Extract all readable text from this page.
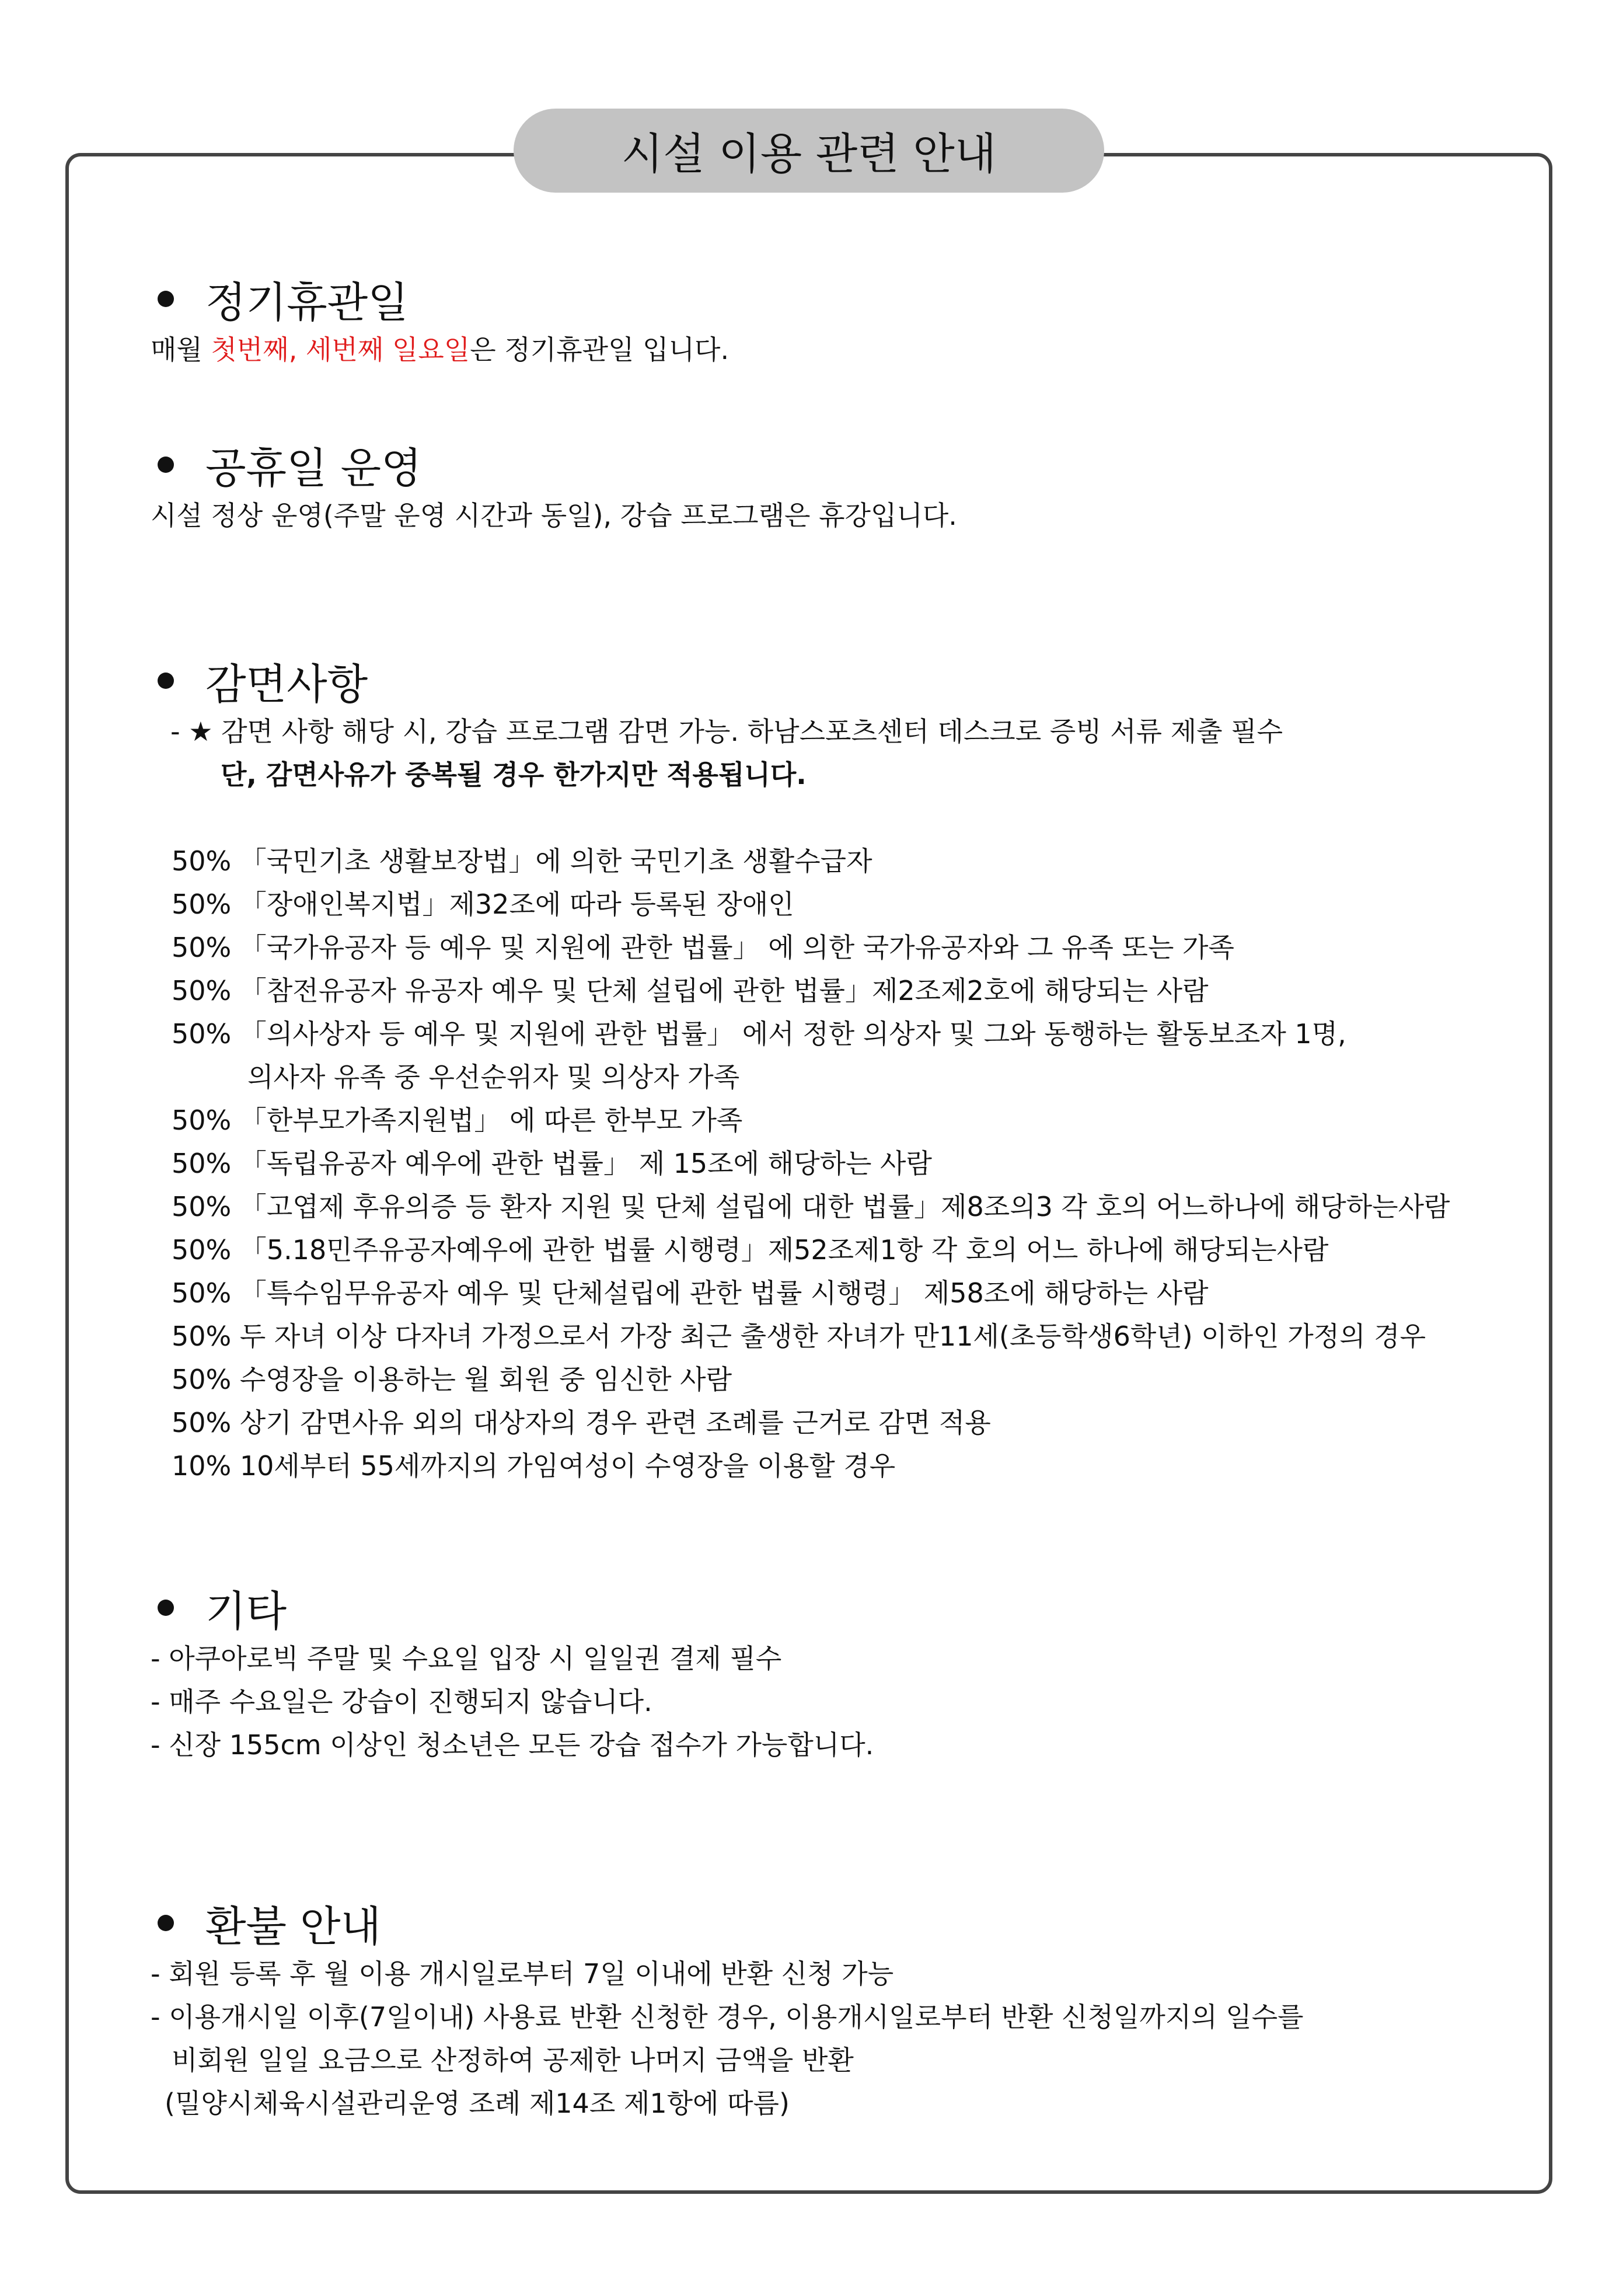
시설 이용 관련 안내
정기휴관일
매월 첫번째, 세번째 일요일은 정기휴관일 입니다.
공휴일 운영
시설 정상 운영(주말 운영 시간과 동일), 강습 프로그램은 휴강입니다.
감면사항
- ★ 감면 사항 해당 시, 강습 프로그램 감면 가능. 하남스포츠센터 데스크로 증빙 서류 제출 필수
단, 감면사유가 중복될 경우 한가지만 적용됩니다.
50% 「국민기초 생활보장법」에 의한 국민기초 생활수급자
50% 「장애인복지법」제32조에 따라 등록된 장애인
50% 「국가유공자 등 예우 및 지원에 관한 법률」 에 의한 국가유공자와 그 유족 또는 가족
50% 「참전유공자 유공자 예우 및 단체 설립에 관한 법률」제2조제2호에 해당되는 사람
50% 「의사상자 등 예우 및 지원에 관한 법률」 에서 정한 의상자 및 그와 동행하는 활동보조자 1명,
의사자 유족 중 우선순위자 및 의상자 가족
50% 「한부모가족지원법」 에 따른 한부모 가족
50% 「독립유공자 예우에 관한 법률」 제 15조에 해당하는 사람
50% 「고엽제 후유의증 등 환자 지원 및 단체 설립에 대한 법률」제8조의3 각 호의 어느하나에 해당하는사람
50% 「5.18민주유공자예우에 관한 법률 시행령」제52조제1항 각 호의 어느 하나에 해당되는사람
50% 「특수임무유공자 예우 및 단체설립에 관한 법률 시행령」 제58조에 해당하는 사람
50% 두 자녀 이상 다자녀 가정으로서 가장 최근 출생한 자녀가 만11세(초등학생6학년) 이하인 가정의 경우
50% 수영장을 이용하는 월 회원 중 임신한 사람
50% 상기 감면사유 외의 대상자의 경우 관련 조례를 근거로 감면 적용
10% 10세부터 55세까지의 가임여성이 수영장을 이용할 경우
기타
- 아쿠아로빅 주말 및 수요일 입장 시 일일권 결제 필수
- 매주 수요일은 강습이 진행되지 않습니다.
- 신장 155cm 이상인 청소년은 모든 강습 접수가 가능합니다.
환불 안내
- 회원 등록 후 월 이용 개시일로부터 7일 이내에 반환 신청 가능
- 이용개시일 이후(7일이내) 사용료 반환 신청한 경우, 이용개시일로부터 반환 신청일까지의 일수를
비회원 일일 요금으로 산정하여 공제한 나머지 금액을 반환
(밀양시체육시설관리운영 조례 제14조 제1항에 따름)
